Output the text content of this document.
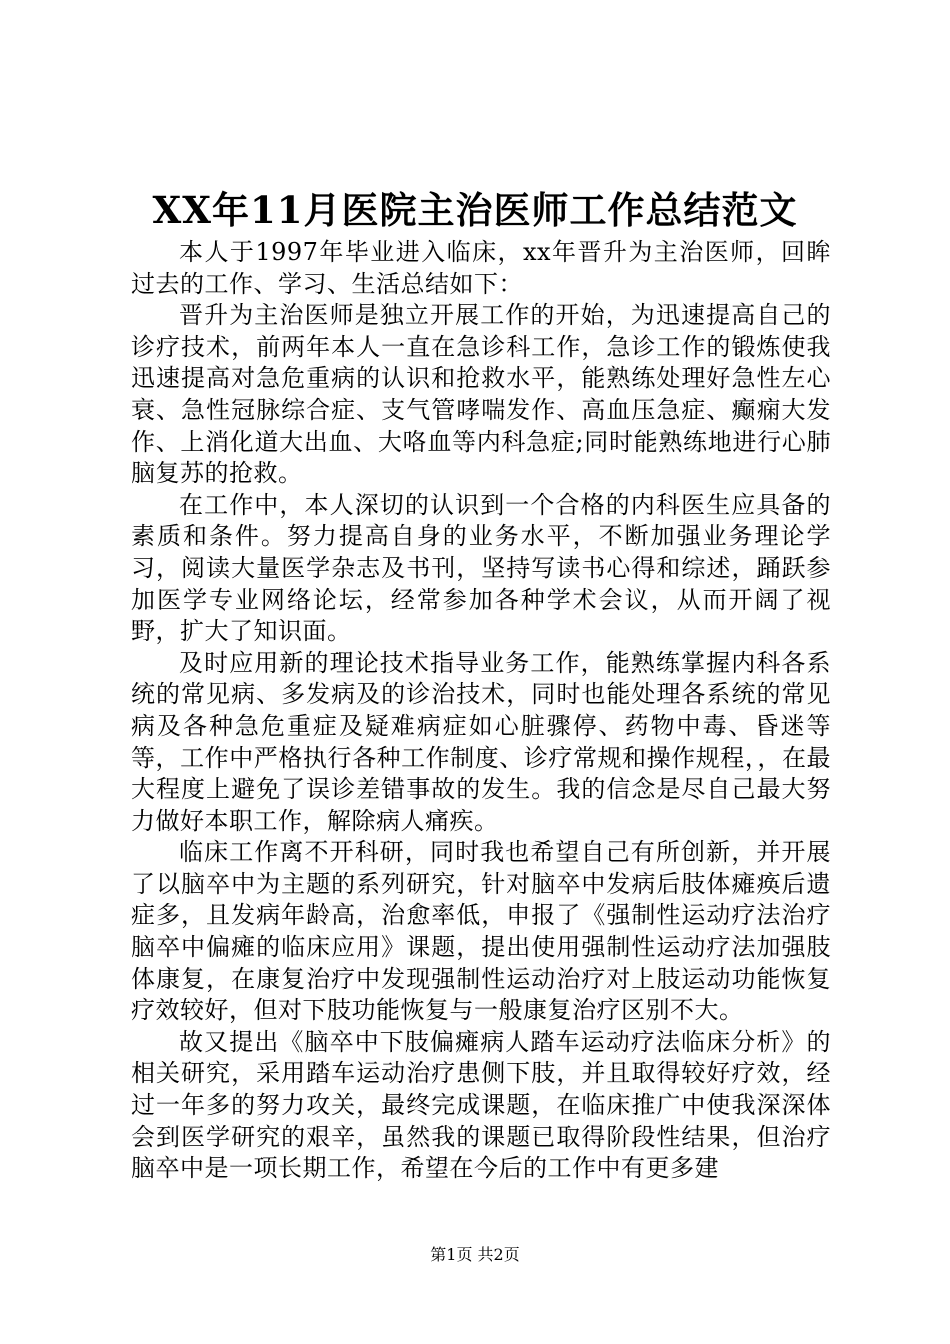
XX年11月医院主治医师工作总结范文

本人于1997年毕业进入临床，xx年晋升为主治医师，回眸过去的工作、学习、生活总结如下：

晋升为主治医师是独立开展工作的开始，为迅速提高自己的诊疗技术，前两年本人一直在急诊科工作，急诊工作的锻炼使我迅速提高对急危重病的认识和抢救水平，能熟练处理好急性左心衰、急性冠脉综合症、支气管哮喘发作、高血压急症、癫痫大发作、上消化道大出血、大咯血等内科急症;同时能熟练地进行心肺脑复苏的抢救。

在工作中，本人深切的认识到一个合格的内科医生应具备的素质和条件。努力提高自身的业务水平，不断加强业务理论学习，阅读大量医学杂志及书刊，坚持写读书心得和综述，踊跃参加医学专业网络论坛，经常参加各种学术会议，从而开阔了视野，扩大了知识面。

及时应用新的理论技术指导业务工作，能熟练掌握内科各系统的常见病、多发病及的诊治技术，同时也能处理各系统的常见病及各种急危重症及疑难病症如心脏骤停、药物中毒、昏迷等等，工作中严格执行各种工作制度、诊疗常规和操作规程，，在最大程度上避免了误诊差错事故的发生。我的信念是尽自己最大努力做好本职工作，解除病人痛疾。

临床工作离不开科研，同时我也希望自己有所创新，并开展了以脑卒中为主题的系列研究，针对脑卒中发病后肢体瘫痪后遗症多，且发病年龄高，治愈率低，申报了《强制性运动疗法治疗脑卒中偏瘫的临床应用》课题，提出使用强制性运动疗法加强肢体康复，在康复治疗中发现强制性运动治疗对上肢运动功能恢复疗效较好，但对下肢功能恢复与一般康复治疗区别不大。

故又提出《脑卒中下肢偏瘫病人踏车运动疗法临床分析》的相关研究，采用踏车运动治疗患侧下肢，并且取得较好疗效，经过一年多的努力攻关，最终完成课题，在临床推广中使我深深体会到医学研究的艰辛，虽然我的课题已取得阶段性结果，但治疗脑卒中是一项长期工作，希望在今后的工作中有更多建

第1页 共2页
